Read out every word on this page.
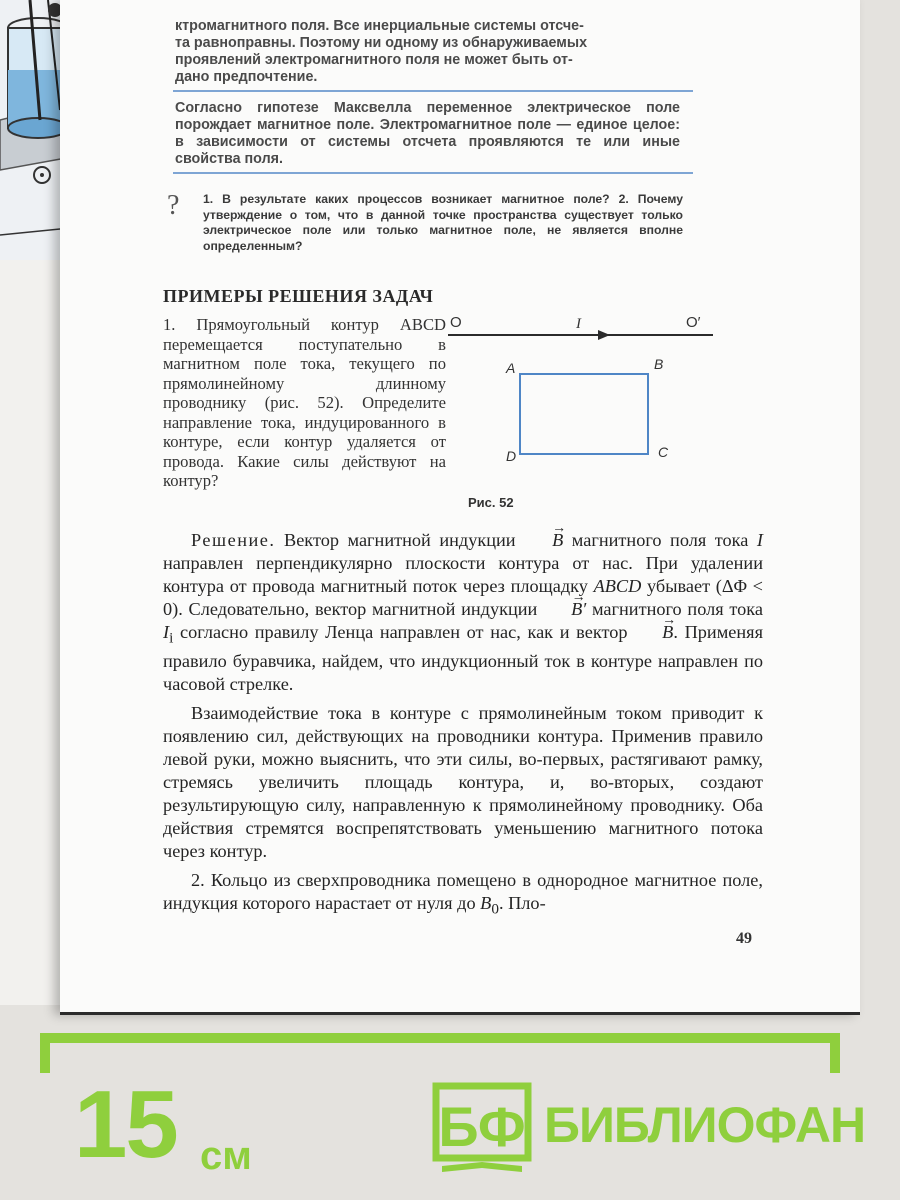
ктромагнитного поля. Все инерциальные системы отсче-
та равноправны. Поэтому ни одному из обнаруживаемых
проявлений электромагнитного поля не может быть от-
дано предпочтение.
Согласно гипотезе Максвелла переменное электрическое поле порождает магнитное поле. Электромагнитное поле — единое целое: в зависимости от системы отсчета проявляются те или иные свойства поля.
? 1. В результате каких процессов возникает магнитное поле? 2. Почему утверждение о том, что в данной точке пространства существует только электрическое поле или только магнитное поле, не является вполне определенным?
ПРИМЕРЫ РЕШЕНИЯ ЗАДАЧ
1. Прямоугольный контур ABCD перемещается поступательно в магнитном поле тока, текущего по прямолинейному длинному проводнику (рис. 52). Определите направление тока, индуцированного в контуре, если контур удаляется от провода. Какие силы действуют на контур?
O	O′
I
A	B
C
D
Рис. 52
Решение. Вектор магнитной индукции → B магнитного поля тока I направлен перпендикулярно плоскости контура от нас. При удалении контура от провода магнитный поток через площадку ABCD убывает (ΔΦ < 0). Следовательно, вектор магнитной индукции → B′ магнитного поля тока $I_i$ согласно правилу Ленца направлен от нас, как и вектор → B. Применяя правило буравчика, найдем, что индукционный ток в контуре направлен по часовой стрелке.
Взаимодействие тока в контуре с прямолинейным током приводит к появлению сил, действующих на проводники контура. Применив правило левой руки, можно выяснить, что эти силы, во-первых, растягивают рамку, стремясь увеличить площадь контура, и, во-вторых, создают результирующую силу, направленную к прямолинейному проводнику. Оба действия стремятся воспрепятствовать уменьшению магнитного потока через контур.
2. Кольцо из сверхпроводника помещено в однородное магнитное поле, индукция которого нарастает от нуля до $B_0$. Пло-
49
15 см	БФ БИБЛИОФАН
